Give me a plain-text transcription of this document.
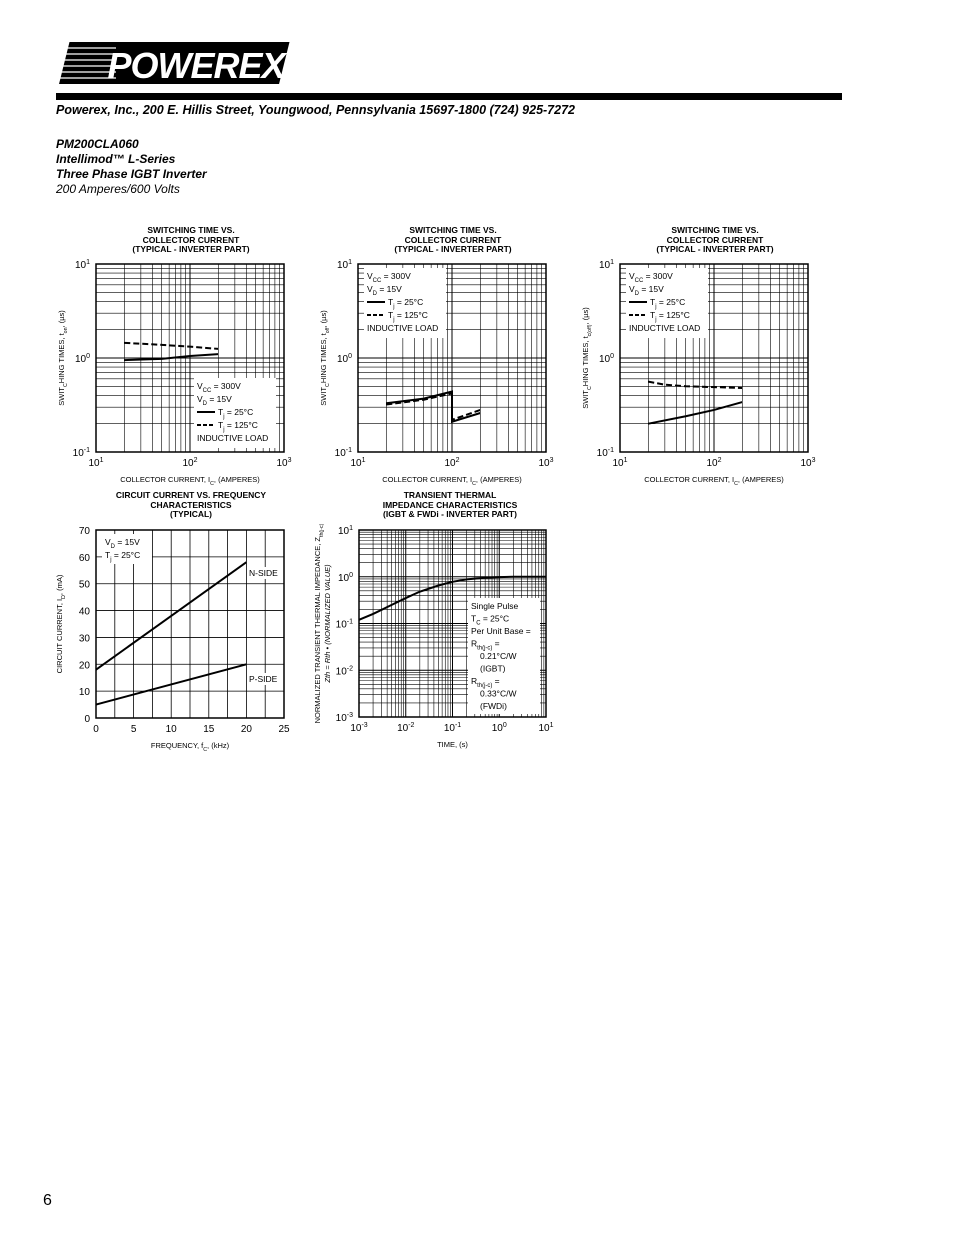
POWEREX
Powerex, Inc., 200 E. Hillis Street, Youngwood, Pennsylvania 15697-1800 (724) 925-7272
PM200CLA060
Intellimod™ L-Series
Three Phase IGBT Inverter
200 Amperes/600 Volts
SWITCHING TIME VS.
COLLECTOR CURRENT
(TYPICAL - INVERTER PART)
SWITCHING TIME VS.
COLLECTOR CURRENT
(TYPICAL - INVERTER PART)
SWITCHING TIME VS.
COLLECTOR CURRENT
(TYPICAL - INVERTER PART)
CIRCUIT CURRENT VS. FREQUENCY
CHARACTERISTICS
(TYPICAL)
TRANSIENT THERMAL
IMPEDANCE CHARACTERISTICS
(IGBT & FWDi - INVERTER PART)
$V_{CC} = 300V$
$V_D = 15V$
$T_j = 25^\circ C$
$T_j = 125^\circ C$
INDUCTIVE LOAD
$10^1$	$10^2$	$10^3$
$10^{-1}$
$10^0$
$10^1$
COLLECTOR CURRENT, $I_C$, (AMPERES)
$SWIT_CHING$ TIMES, $t_{on}$, (µs)
$V_{CC} = 300V$
$V_D = 15V$
$T_j = 25^\circ C$
$T_j = 125^\circ C$
INDUCTIVE LOAD
$10^1$	$10^2$	$10^3$
$10^{-1}$
$10^0$
$10^1$
COLLECTOR CURRENT, $I_C$, (AMPERES)
$SWIT_CHING$ TIMES, $t_{off}$, (µs)
$V_{CC} = 300V$
$V_D = 15V$
$T_j = 25^\circ C$
$T_j = 125^\circ C$
INDUCTIVE LOAD
$10^1$	$10^2$	$10^3$
$10^{-1}$
$10^0$
$10^1$
COLLECTOR CURRENT, $I_C$, (AMPERES)
$SWIT_CHING$ TIMES, $t_{c(off)}$, (µs)
$V_D = 15V$
$T_j = 25^\circ C$
0	5	10	15	20	25
0
10
20
30
40
50
60
70
FREQUENCY, $f_C$, (kHz)
CIRCUIT CURRENT, $I_D$, (mA)
N-SIDE
P-SIDE
Single Pulse
$T_C = 25^\circ C$
Per Unit Base =
$R_{th(j-c)}$ =
0.21°C/W
(IGBT)
$R_{th(j-c)}$ =
0.33°C/W
(FWDi)
$10^{-3}$	$10^{-2}$	$10^{-1}$	$10^0$	$10^1$
$10^{-3}$
$10^{-2}$
$10^{-1}$
$10^0$
$10^1$
TIME, (s)
NORMALIZED TRANSIENT THERMAL IMPEDANCE, $Z_{th(j-c)}$
Zth = Rth • (NORMALIZED VALUE)
6
